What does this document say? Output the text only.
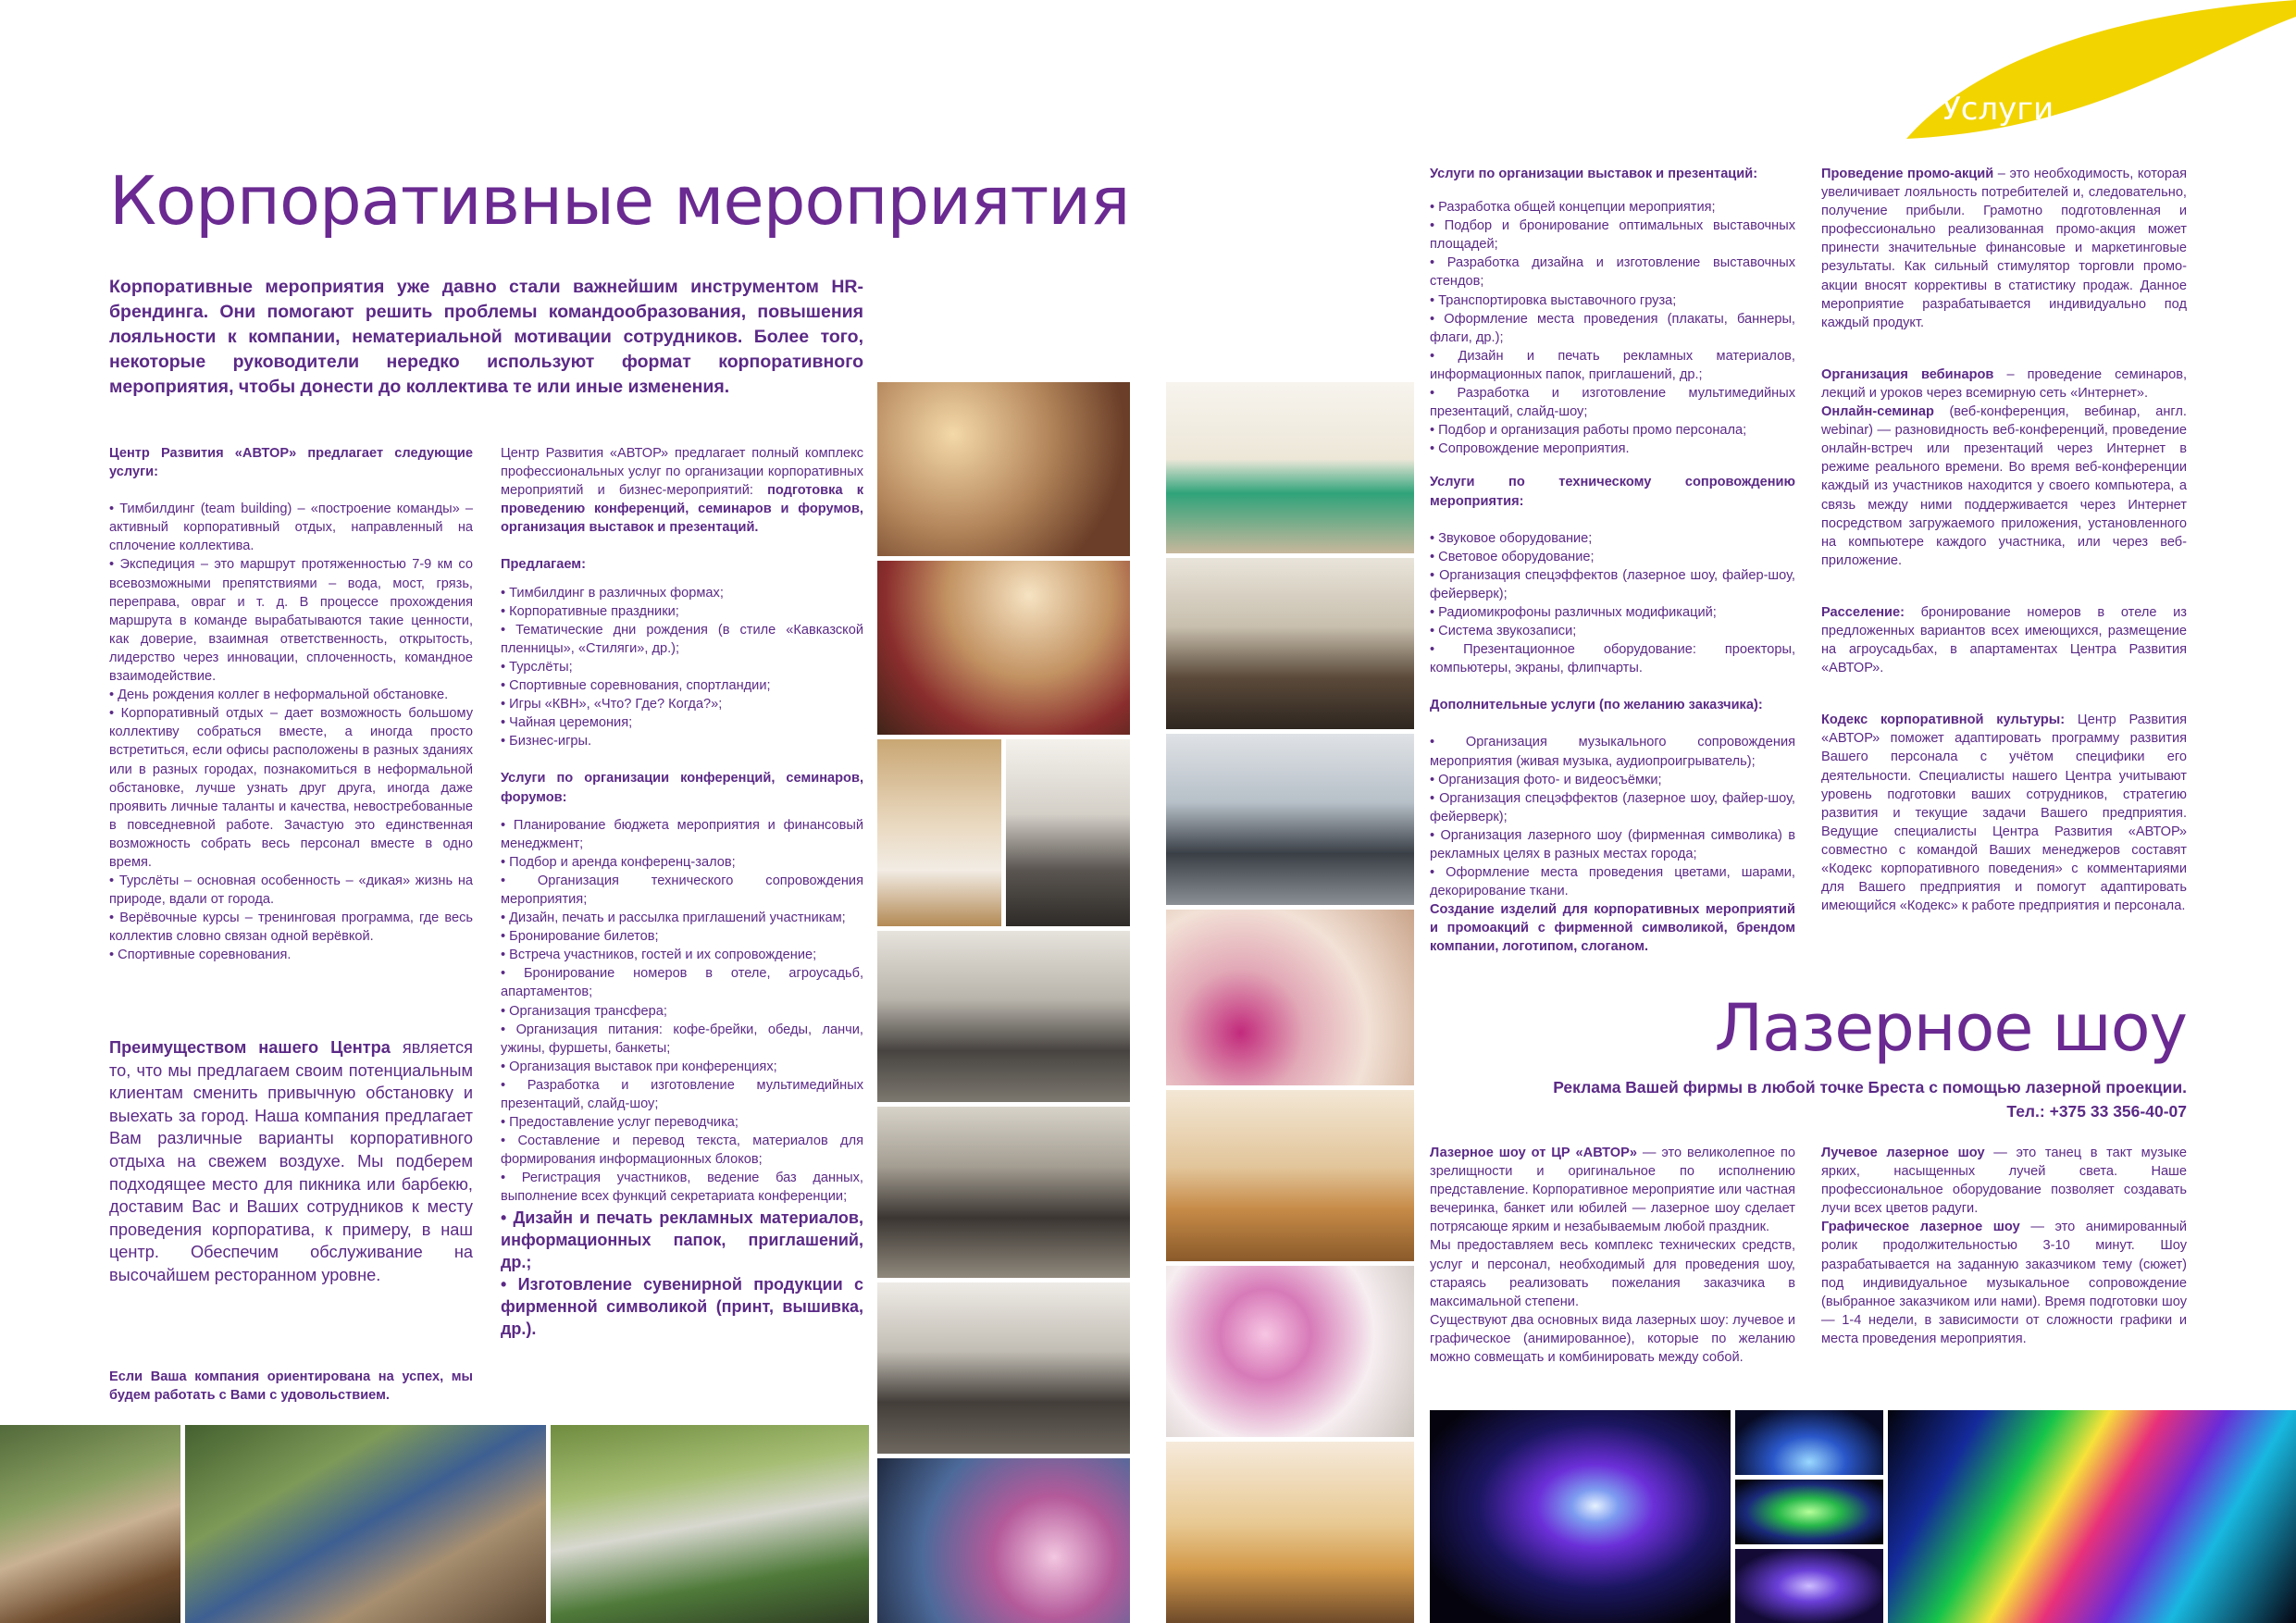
Услуги
Корпоративные мероприятия
Корпоративные мероприятия уже давно стали важнейшим инструментом HR-брендинга. Они помогают решить проблемы командообразования, повышения лояльности к компании, нематериальной мотивации сотрудников. Более того, некоторые руководители нередко используют формат корпоративного мероприятия, чтобы донести до коллектива те или иные изменения.

Центр Развития «АВТОР» предлагает следующие услуги:

• Тимбилдинг (team building) – «построение команды» – активный корпоративный отдых, направленный на сплочение коллектива.

• Экспедиция – это маршрут протяженностью 7-9 км со всевозможными препятствиями – вода, мост, грязь, переправа, овраг и т. д. В процессе прохождения маршрута в команде вырабатываются такие ценности, как доверие, взаимная ответственность, открытость, лидерство через инновации, сплоченность, командное взаимодействие.

• День рождения коллег в неформальной обстановке.

• Корпоративный отдых – дает возможность большому коллективу собраться вместе, а иногда просто встретиться, если офисы расположены в разных зданиях или в разных городах, познакомиться в неформальной обстановке, лучше узнать друг друга, иногда даже проявить личные таланты и качества, невостребованные в повседневной работе. Зачастую это единственная возможность собрать весь персонал вместе в одно время.

• Турслёты – основная особенность – «дикая» жизнь на природе, вдали от города.

• Верёвочные курсы – тренинговая программа, где весь коллектив словно связан одной верёвкой.

• Спортивные соревнования.

Преимуществом нашего Центра является то, что мы предлагаем своим потенциальным клиентам сменить привычную обстановку и выехать за город. Наша компания предлагает Вам различные варианты корпоративного отдыха на свежем воздухе. Мы подберем подходящее место для пикника или барбекю, доставим Вас и Ваших сотрудников к месту проведения корпоратива, к примеру, в наш центр. Обеспечим обслуживание на высочайшем ресторанном уровне.
Если Ваша компания ориентирована на успех, мы будем работать с Вами с удовольствием.

Центр Развития «АВТОР» предлагает полный комплекс профессиональных услуг по организации корпоративных мероприятий и бизнес-мероприятий: подготовка к проведению конференций, семинаров и форумов, организация выставок и презентаций.

Предлагаем:

• Тимбилдинг в различных формах;

• Корпоративные праздники;

• Тематические дни рождения (в стиле «Кавказской пленницы», «Стиляги», др.);

• Турслёты;

• Спортивные соревнования, спортландии;

• Игры «КВН», «Что? Где? Когда?»;

• Чайная церемония;

• Бизнес-игры.

Услуги по организации конференций, семинаров, форумов:

• Планирование бюджета мероприятия и финансовый менеджмент;

• Подбор и аренда конференц-залов;

• Организация технического сопровождения мероприятия;

• Дизайн, печать и рассылка приглашений участникам;

• Бронирование билетов;

• Встреча участников, гостей и их сопровождение;

• Бронирование номеров в отеле, агроусадьб, апартаментов;

• Организация трансфера;

• Организация питания: кофе-брейки, обеды, ланчи, ужины, фуршеты, банкеты;

• Организация выставок при конференциях;

• Разработка и изготовление мультимедийных презентаций, слайд-шоу;

• Предоставление услуг переводчика;

• Составление и перевод текста, материалов для формирования информационных блоков;

• Регистрация участников, ведение баз данных, выполнение всех функций секретариата конференции;

• Дизайн и печать рекламных материалов, информационных папок, приглашений, др.;

• Изготовление сувенирной продукции с фирменной символикой (принт, вышивка, др.).

Услуги по организации выставок и презентаций:

• Разработка общей концепции мероприятия;

• Подбор и бронирование оптимальных выставочных площадей;

• Разработка дизайна и изготовление выставочных стендов;

• Транспортировка выставочного груза;

• Оформление места проведения (плакаты, баннеры, флаги, др.);

• Дизайн и печать рекламных материалов, информационных папок, приглашений, др.;

• Разработка и изготовление мультимедийных презентаций, слайд-шоу;

• Подбор и организация работы промо персонала;

• Сопровождение мероприятия.

Услуги по техническому сопровождению мероприятия:

• Звуковое оборудование;

• Световое оборудование;

• Организация спецэффектов (лазерное шоу, файер-шоу, фейерверк);

• Радиомикрофоны различных модификаций;

• Система звукозаписи;

• Презентационное оборудование: проекторы, компьютеры, экраны, флипчарты.

Дополнительные услуги (по желанию заказчика):

• Организация музыкального сопровождения мероприятия (живая музыка, аудиопроигрыватель);

• Организация фото- и видеосъёмки;

• Организация спецэффектов (лазерное шоу, файер-шоу, фейерверк);

• Организация лазерного шоу (фирменная символика) в рекламных целях в разных местах города;

• Оформление места проведения цветами, шарами, декорирование ткани.

Создание изделий для корпоративных мероприятий и промоакций с фирменной символикой, брендом компании, логотипом, слоганом.

Проведение промо-акций – это необходимость, которая увеличивает лояльность потребителей и, следовательно, получение прибыли. Грамотно подготовленная и профессионально реализованная промо-акция может принести значительные финансовые и маркетинговые результаты. Как сильный стимулятор торговли промо-акции вносят коррективы в статистику продаж. Данное мероприятие разрабатывается индивидуально под каждый продукт.

Организация вебинаров – проведение семинаров, лекций и уроков через всемирную сеть «Интернет».

Онлайн-семинар (веб-конференция, вебинар, англ. webinar) — разновидность веб-конференций, проведение онлайн-встреч или презентаций через Интернет в режиме реального времени. Во время веб-конференции каждый из участников находится у своего компьютера, а связь между ними поддерживается через Интернет посредством загружаемого приложения, установленного на компьютере каждого участника, или через веб-приложение.

Расселение: бронирование номеров в отеле из предложенных вариантов всех имеющихся, размещение на агроусадьбах, в апартаментах Центра Развития «АВТОР».

Кодекс корпоративной культуры: Центр Развития «АВТОР» поможет адаптировать программу развития Вашего персонала с учётом специфики его деятельности. Специалисты нашего Центра учитывают уровень подготовки ваших сотрудников, стратегию развития и текущие задачи Вашего предприятия. Ведущие специалисты Центра Развития «АВТОР» совместно с командой Ваших менеджеров составят «Кодекс корпоративного поведения» с комментариями для Вашего предприятия и помогут адаптировать имеющийся «Кодекс» к работе предприятия и персонала.

Лазерное шоу
Реклама Вашей фирмы в любой точке Бреста с помощью лазерной проекции.
Тел.: +375 33 356-40-07

Лазерное шоу от ЦР «АВТОР» — это великолепное по зрелищности и оригинальное по исполнению представление. Корпоративное мероприятие или частная вечеринка, банкет или юбилей — лазерное шоу сделает потрясающе ярким и незабываемым любой праздник.

Мы предоставляем весь комплекс технических средств, услуг и персонал, необходимый для проведения шоу, стараясь реализовать пожелания заказчика в максимальной степени.

Существуют два основных вида лазерных шоу: лучевое и графическое (анимированное), которые по желанию можно совмещать и комбинировать между собой.

Лучевое лазерное шоу — это танец в такт музыке ярких, насыщенных лучей света. Наше профессиональное оборудование позволяет создавать лучи всех цветов радуги.

Графическое лазерное шоу — это анимированный ролик продолжительностью 3-10 минут. Шоу разрабатывается на заданную заказчиком тему (сюжет) под индивидуальное музыкальное сопровождение (выбранное заказчиком или нами). Время подготовки шоу — 1-4 недели, в зависимости от сложности графики и места проведения мероприятия.
